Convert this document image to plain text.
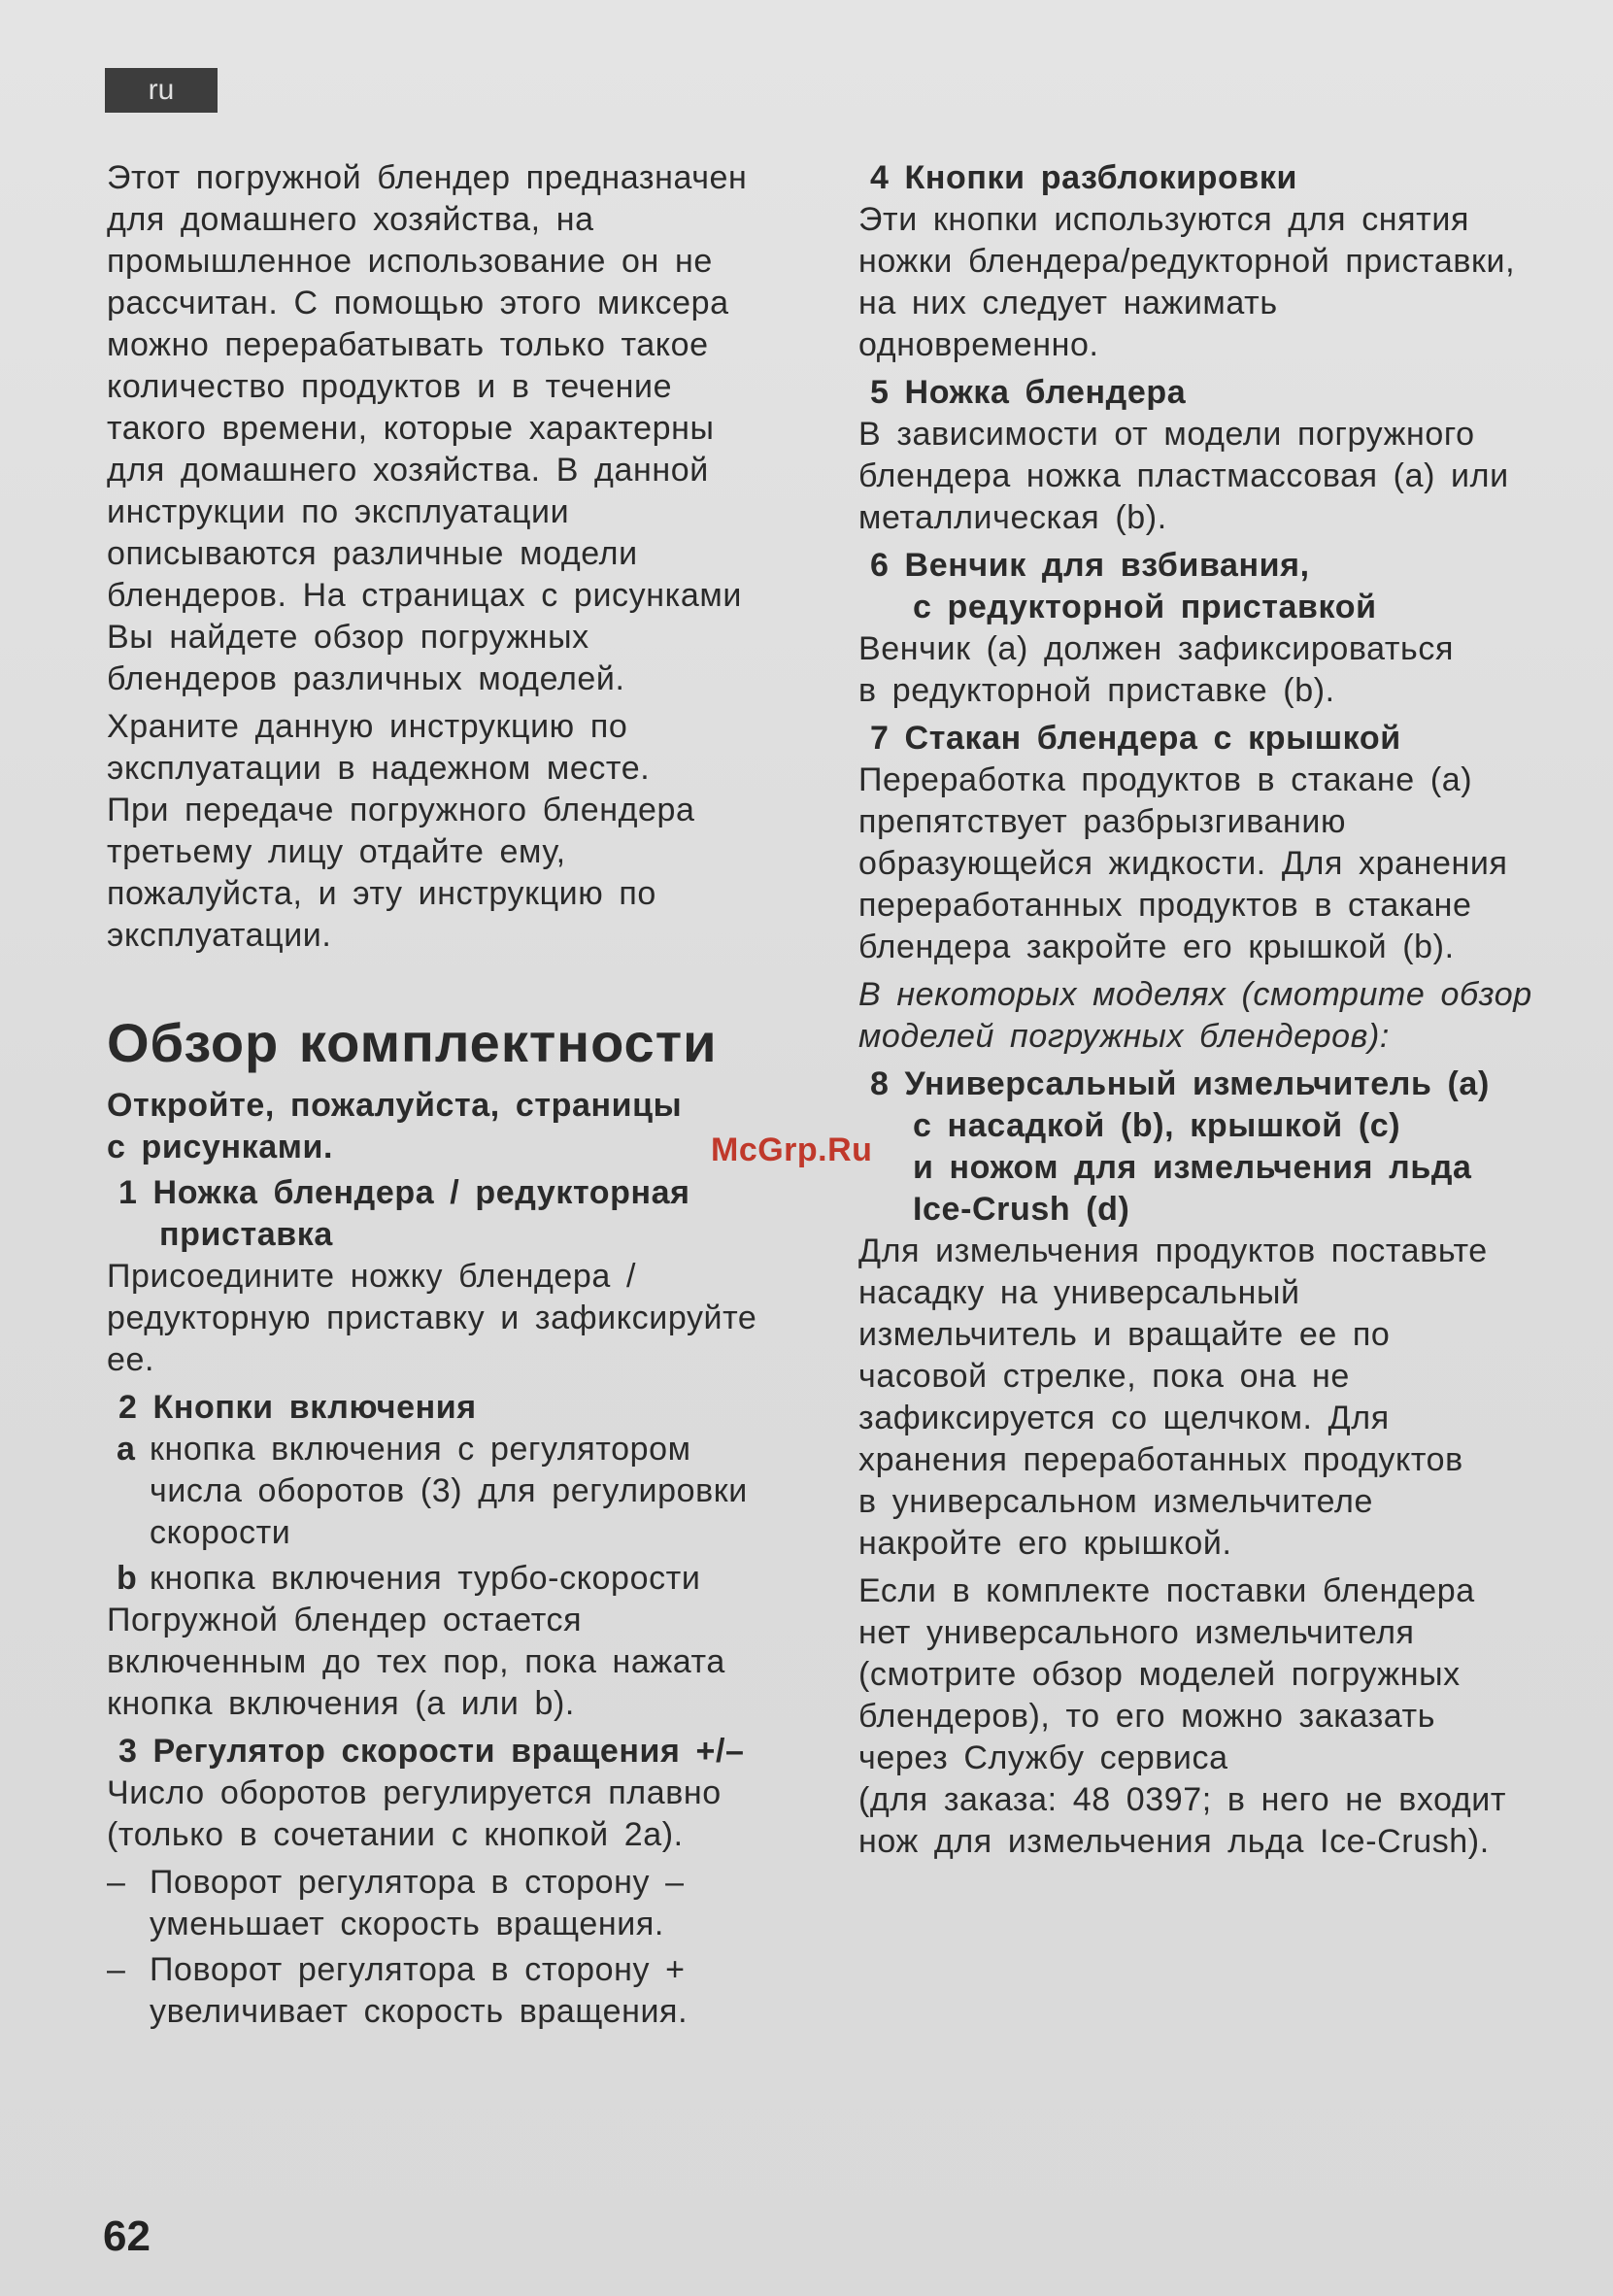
ru

Этот погружной блендер предназначен
для домашнего хозяйства, на
промышленное использование он не
рассчитан. С помощью этого миксера
можно перерабатывать только такое
количество продуктов и в течение
такого времени, которые характерны
для домашнего хозяйства. В данной
инструкции по эксплуатации
описываются различные модели
блендеров. На страницах с рисунками
Вы найдете обзор погружных
блендеров различных моделей.

Храните данную инструкцию по
эксплуатации в надежном месте.
При передаче погружного блендера
третьему лицу отдайте ему,
пожалуйста, и эту инструкцию по
эксплуатации.

Обзор комплектности

Откройте, пожалуйста, страницы
с рисунками.

1 Ножка блендера / редукторная
приставка

Присоедините ножку блендера /
редукторную приставку и зафиксируйте
ее.

2 Кнопки включения
a кнопка включения с регулятором
числа оборотов (3) для регулировки
скорости
b кнопка включения турбо-скорости

Погружной блендер остается
включенным до тех пор, пока нажата
кнопка включения (a или b).

3 Регулятор скорости вращения +/–

Число оборотов регулируется плавно
(только в сочетании с кнопкой 2a).

– Поворот регулятора в сторону –
уменьшает скорость вращения.
– Поворот регулятора в сторону +
увеличивает скорость вращения.
4 Кнопки разблокировки

Эти кнопки используются для снятия
ножки блендера/редукторной приставки,
на них следует нажимать
одновременно.

5 Ножка блендера

В зависимости от модели погружного
блендера ножка пластмассовая (a) или
металлическая (b).

6 Венчик для взбивания,
с редукторной приставкой

Венчик (a) должен зафиксироваться
в редукторной приставке (b).

7 Стакан блендера с крышкой

Переработка продуктов в стакане (a)
препятствует разбрызгиванию
образующейся жидкости. Для хранения
переработанных продуктов в стакане
блендера закройте его крышкой (b).

В некоторых моделях (смотрите обзор
моделей погружных блендеров):

8 Универсальный измельчитель (a)
с насадкой (b), крышкой (c)
и ножом для измельчения льда
Ice-Crush (d)

Для измельчения продуктов поставьте
насадку на универсальный
измельчитель и вращайте ее по
часовой стрелке, пока она не
зафиксируется со щелчком. Для
хранения переработанных продуктов
в универсальном измельчителе
накройте его крышкой.

Если в комплекте поставки блендера
нет универсального измельчителя
(смотрите обзор моделей погружных
блендеров), то его можно заказать
через Службу сервиса
(для заказа: 48 0397; в него не входит
нож для измельчения льда Ice-Crush).

McGrp.Ru
62
